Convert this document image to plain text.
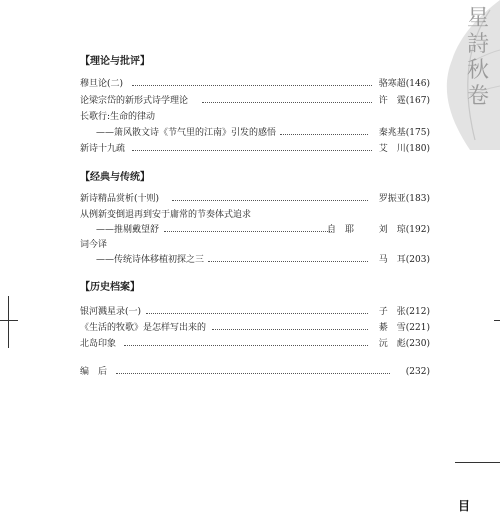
星詩秋卷
【理论与批评】
穆旦论(二)	骆寒超(146)
论梁宗岱的新形式诗学理论	许　霆(167)
长歌行:生命的律动
——箫风散文诗《节气里的江南》引发的感悟	秦兆基(175)
新诗十九疏	艾　川(180)
【经典与传统】
新诗精品赏析(十则)	罗振亚(183)
从例新变倒退再到安于庸常的节奏体式追求
——推剔戴望舒	自　耶	刘　琼(192)
词今译
——传统诗体移植初探之三	马　耳(203)
【历史档案】
银河溅星录(一)	子　张(212)
《生活的牧歌》是怎样写出来的	綦　雪(221)
北岛印象	沅　彪(230)
编　后	(232)
目
